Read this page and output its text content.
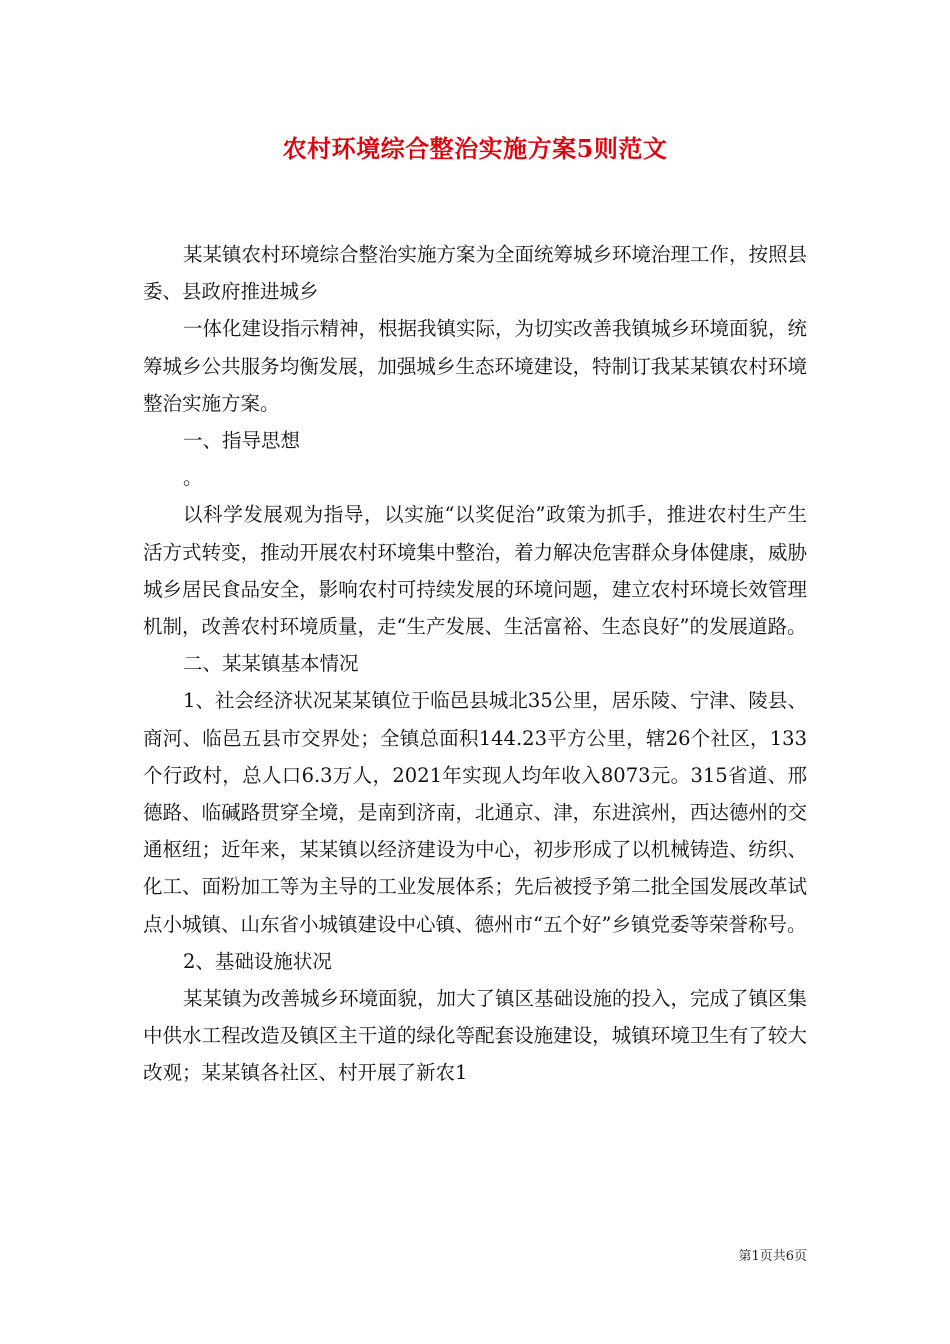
农村环境综合整治实施方案5则范文

某某镇农村环境综合整治实施方案为全面统筹城乡环境治理工作，按照县委、县政府推进城乡

一体化建设指示精神，根据我镇实际，为切实改善我镇城乡环境面貌，统筹城乡公共服务均衡发展，加强城乡生态环境建设，特制订我某某镇农村环境整治实施方案。

一、指导思想

。

以科学发展观为指导，以实施“以奖促治”政策为抓手，推进农村生产生活方式转变，推动开展农村环境集中整治，着力解决危害群众身体健康，威胁城乡居民食品安全，影响农村可持续发展的环境问题，建立农村环境长效管理机制，改善农村环境质量，走“生产发展、生活富裕、生态良好”的发展道路。

二、某某镇基本情况

1、社会经济状况某某镇位于临邑县城北35公里，居乐陵、宁津、陵县、商河、临邑五县市交界处；全镇总面积144.23平方公里，辖26个社区，133个行政村，总人口6.3万人，2021年实现人均年收入8073元。315省道、邢德路、临碱路贯穿全境，是南到济南，北通京、津，东进滨州，西达德州的交通枢纽；近年来，某某镇以经济建设为中心，初步形成了以机械铸造、纺织、化工、面粉加工等为主导的工业发展体系；先后被授予第二批全国发展改革试点小城镇、山东省小城镇建设中心镇、德州市“五个好”乡镇党委等荣誉称号。

2、基础设施状况

某某镇为改善城乡环境面貌，加大了镇区基础设施的投入，完成了镇区集中供水工程改造及镇区主干道的绿化等配套设施建设，城镇环境卫生有了较大改观；某某镇各社区、村开展了新农1

第1页共6页
